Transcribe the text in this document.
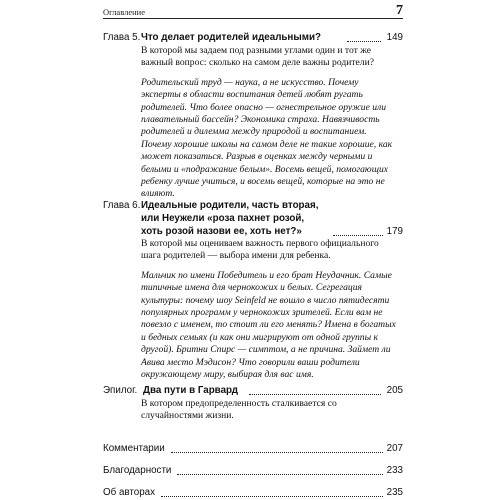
Оглавление	7
Глава 5. Что делает родителей идеальными?	149

В которой мы задаем под разными углами один и тот же важный вопрос: сколько на самом деле важны родители?

Родительский труд — наука, а не искусство. Почему эксперты в области воспитания детей любят ругать родителей. Что более опасно — огнестрельное оружие или плавательный бассейн? Экономика страха. Навязчивость родителей и дилемма между природой и воспитанием. Почему хорошие школы на самом деле не такие хорошие, как может показаться. Разрыв в оценках между черными и белыми и «подражание белым». Восемь вещей, помогающих ребенку лучше учиться, и восемь вещей, которые на это не влияют.

Глава 6. Идеальные родители, часть вторая,
или Неужели «роза пахнет розой,
хоть розой назови ее, хоть нет?»	179

В которой мы оцениваем важность первого официального шага родителей — выбора имени для ребенка.

Мальчик по имени Победитель и его брат Неудачник. Самые типичные имена для чернокожих и белых. Сегрегация культуры: почему шоу Seinfeld не вошло в число пятидесяти популярных программ у чернокожих зрителей. Если вам не повезло с именем, то стоит ли его менять? Имена в богатых и бедных семьях (и как они мигрируют от одной группы к другой). Бритни Спирс — симптом, а не причина. Займет ли Авива место Мэдисон? Что говорили ваши родители окружающему миру, выбирая для вас имя.

Эпилог. Два пути в Гарвард	205

В котором предопределенность сталкивается со случайностями жизни.

Комментарии	207
Благодарности	233
Об авторах	235
